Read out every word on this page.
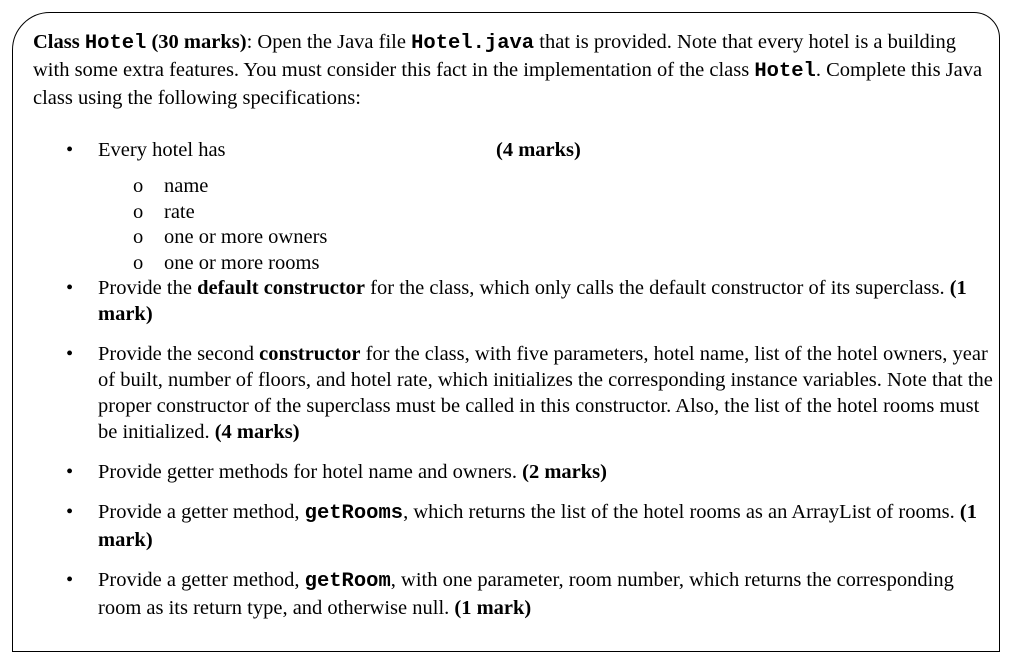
Class Hotel (30 marks): Open the Java file Hotel.java that is provided. Note that every hotel is a building with some extra features. You must consider this fact in the implementation of the class Hotel. Complete this Java class using the following specifications:

• Every hotel has	(4 marks)

o name

o rate

o one or more owners

o one or more rooms

• Provide the default constructor for the class, which only calls the default constructor of its superclass. (1 mark)

• Provide the second constructor for the class, with five parameters, hotel name, list of the hotel owners, year of built, number of floors, and hotel rate, which initializes the corresponding instance variables. Note that the proper constructor of the superclass must be called in this constructor. Also, the list of the hotel rooms must be initialized. (4 marks)

• Provide getter methods for hotel name and owners. (2 marks)

• Provide a getter method, getRooms, which returns the list of the hotel rooms as an ArrayList of rooms. (1 mark)

• Provide a getter method, getRoom, with one parameter, room number, which returns the corresponding room as its return type, and otherwise null. (1 mark)
